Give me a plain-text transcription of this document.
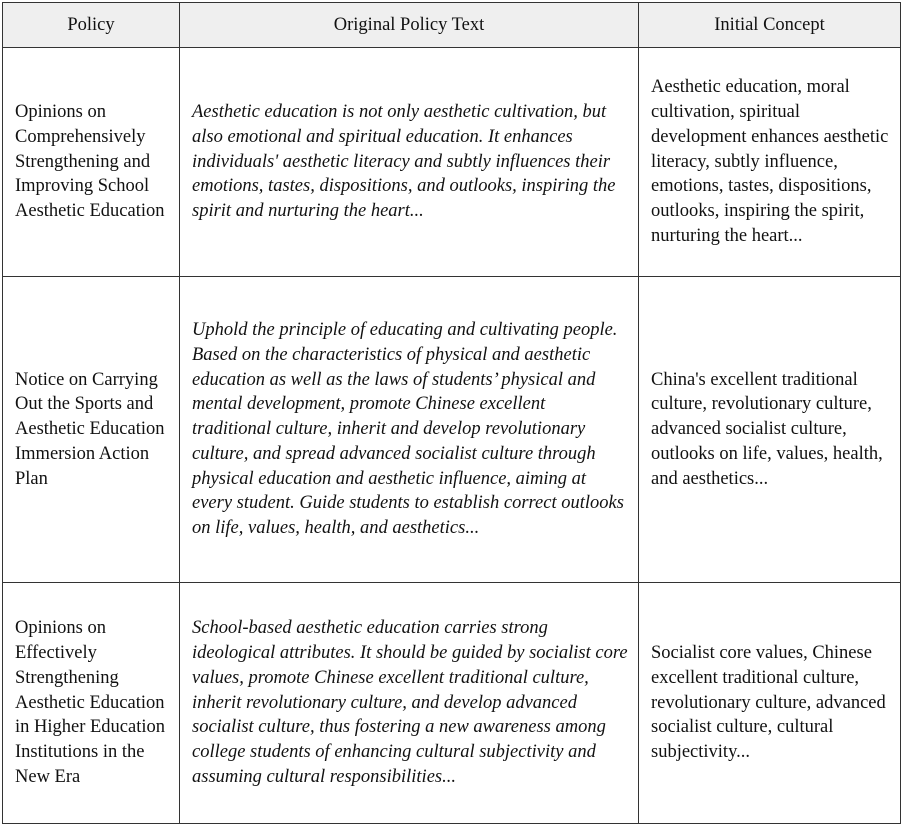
Policy	Original Policy Text	Initial Concept
Opinions on Comprehensively Strengthening and Improving School Aesthetic Education	Aesthetic education is not only aesthetic cultivation, but also emotional and spiritual education. It enhances individuals' aesthetic literacy and subtly influences their emotions, tastes, dispositions, and outlooks, inspiring the spirit and nurturing the heart...	Aesthetic education, moral cultivation, spiritual development enhances aesthetic literacy, subtly influence, emotions, tastes, dispositions, outlooks, inspiring the spirit, nurturing the heart...
Notice on Carrying Out the Sports and Aesthetic Education Immersion Action Plan	Uphold the principle of educating and cultivating people. Based on the characteristics of physical and aesthetic education as well as the laws of students’ physical and mental development, promote Chinese excellent traditional culture, inherit and develop revolutionary culture, and spread advanced socialist culture through physical education and aesthetic influence, aiming at every student. Guide students to establish correct outlooks on life, values, health, and aesthetics...	China's excellent traditional culture, revolutionary culture, advanced socialist culture, outlooks on life, values, health, and aesthetics...
Opinions on Effectively Strengthening Aesthetic Education in Higher Education Institutions in the New Era	School-based aesthetic education carries strong ideological attributes. It should be guided by socialist core values, promote Chinese excellent traditional culture, inherit revolutionary culture, and develop advanced socialist culture, thus fostering a new awareness among college students of enhancing cultural subjectivity and assuming cultural responsibilities...	Socialist core values, Chinese excellent traditional culture, revolutionary culture, advanced socialist culture, cultural subjectivity...
